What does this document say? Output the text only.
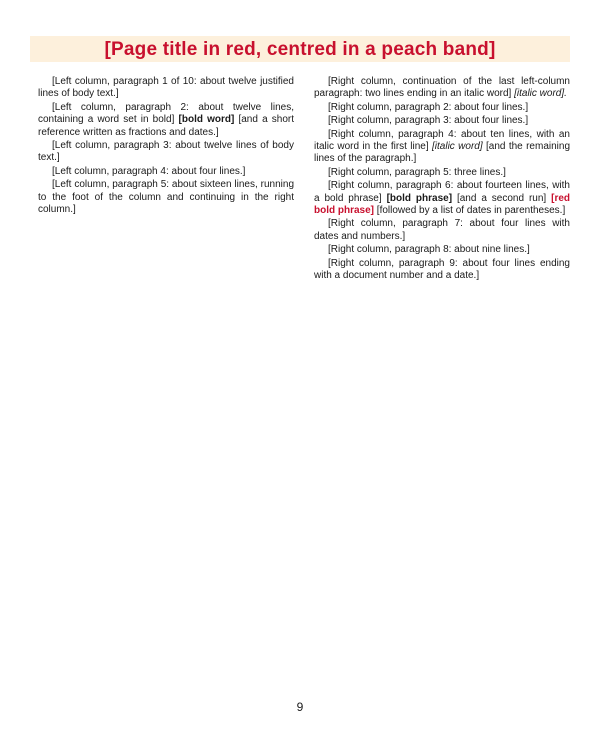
[Page title in red, centred in a peach band]

[Left column, paragraph 1 of 10: about twelve justified lines of body text.]

[Left column, paragraph 2: about twelve lines, containing a word set in bold] [bold word] [and a short reference written as fractions and dates.]

[Left column, paragraph 3: about twelve lines of body text.]

[Left column, paragraph 4: about four lines.]

[Left column, paragraph 5: about sixteen lines, running to the foot of the column and continuing in the right column.]

[Right column, continuation of the last left-column paragraph: two lines ending in an italic word] [italic word].

[Right column, paragraph 2: about four lines.]

[Right column, paragraph 3: about four lines.]

[Right column, paragraph 4: about ten lines, with an italic word in the first line] [italic word] [and the remaining lines of the paragraph.]

[Right column, paragraph 5: three lines.]

[Right column, paragraph 6: about fourteen lines, with a bold phrase] [bold phrase] [and a second run] [red bold phrase] [followed by a list of dates in parentheses.]

[Right column, paragraph 7: about four lines with dates and numbers.]

[Right column, paragraph 8: about nine lines.]

[Right column, paragraph 9: about four lines ending with a document number and a date.]

9
